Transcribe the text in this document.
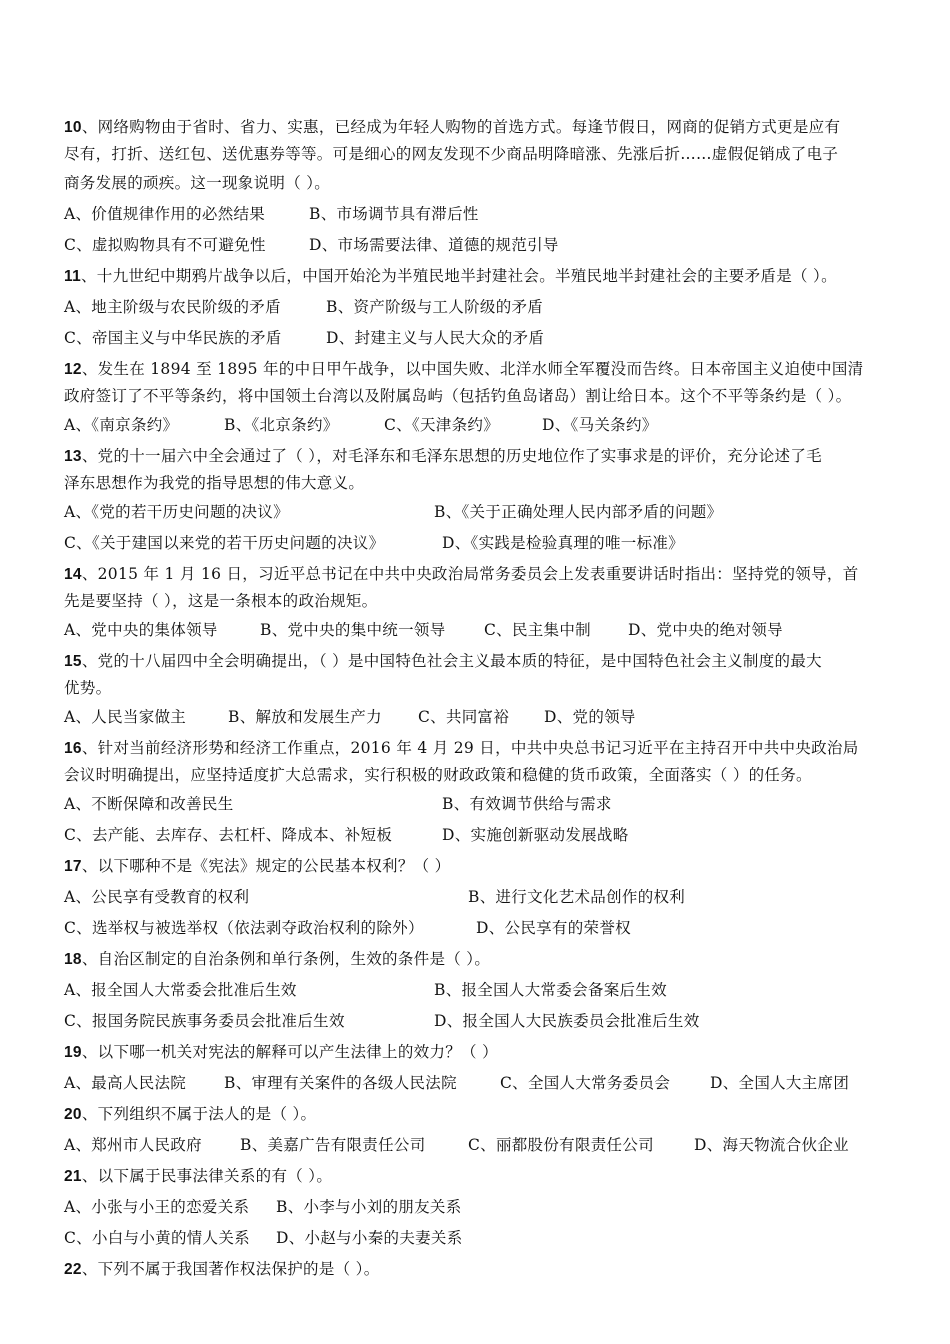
10、网络购物由于省时、省力、实惠，已经成为年轻人购物的首选方式。每逢节假日，网商的促销方式更是应有
尽有，打折、送红包、送优惠券等等。可是细心的网友发现不少商品明降暗涨、先涨后折……虚假促销成了电子
商务发展的顽疾。这一现象说明（ ）。
A、价值规律作用的必然结果	B、市场调节具有滞后性
C、虚拟购物具有不可避免性	D、市场需要法律、道德的规范引导
11、十九世纪中期鸦片战争以后，中国开始沦为半殖民地半封建社会。半殖民地半封建社会的主要矛盾是（ ）。
A、地主阶级与农民阶级的矛盾	B、资产阶级与工人阶级的矛盾
C、帝国主义与中华民族的矛盾	D、封建主义与人民大众的矛盾
12、发生在 1894 至 1895 年的中日甲午战争，以中国失败、北洋水师全军覆没而告终。日本帝国主义迫使中国清
政府签订了不平等条约，将中国领土台湾以及附属岛屿（包括钓鱼岛诸岛）割让给日本。这个不平等条约是（ ）。
A、《南京条约》	B、《北京条约》	C、《天津条约》	D、《马关条约》
13、党的十一届六中全会通过了（ ），对毛泽东和毛泽东思想的历史地位作了实事求是的评价，充分论述了毛
泽东思想作为我党的指导思想的伟大意义。
A、《党的若干历史问题的决议》	B、《关于正确处理人民内部矛盾的问题》
C、《关于建国以来党的若干历史问题的决议》	D、《实践是检验真理的唯一标准》
14、2015 年 1 月 16 日，习近平总书记在中共中央政治局常务委员会上发表重要讲话时指出：坚持党的领导，首
先是要坚持（ ），这是一条根本的政治规矩。
A、党中央的集体领导	B、党中央的集中统一领导 C、民主集中制 D、党中央的绝对领导
15、党的十八届四中全会明确提出，（ ）是中国特色社会主义最本质的特征，是中国特色社会主义制度的最大
优势。
A、人民当家做主	B、解放和发展生产力 C、共同富裕 D、党的领导
16、针对当前经济形势和经济工作重点，2016 年 4 月 29 日，中共中央总书记习近平在主持召开中共中央政治局
会议时明确提出，应坚持适度扩大总需求，实行积极的财政政策和稳健的货币政策，全面落实（ ）的任务。
A、不断保障和改善民生	B、有效调节供给与需求
C、去产能、去库存、去杠杆、降成本、补短板	D、实施创新驱动发展战略
17、以下哪种不是《宪法》规定的公民基本权利？（ ）
A、公民享有受教育的权利	B、进行文化艺术品创作的权利
C、选举权与被选举权（依法剥夺政治权利的除外）	D、公民享有的荣誉权
18、自治区制定的自治条例和单行条例，生效的条件是（ ）。
A、报全国人大常委会批准后生效	B、报全国人大常委会备案后生效
C、报国务院民族事务委员会批准后生效	D、报全国人大民族委员会批准后生效
19、以下哪一机关对宪法的解释可以产生法律上的效力？（ ）
A、最高人民法院 B、审理有关案件的各级人民法院	C、全国人大常务委员会	D、全国人大主席团
20、下列组织不属于法人的是（ ）。
A、郑州市人民政府 B、美嘉广告有限责任公司	C、丽都股份有限责任公司	D、海天物流合伙企业
21、以下属于民事法律关系的有（ ）。
A、小张与小王的恋爱关系 B、小李与小刘的朋友关系
C、小白与小黄的情人关系 D、小赵与小秦的夫妻关系
22、下列不属于我国著作权法保护的是（ ）。
